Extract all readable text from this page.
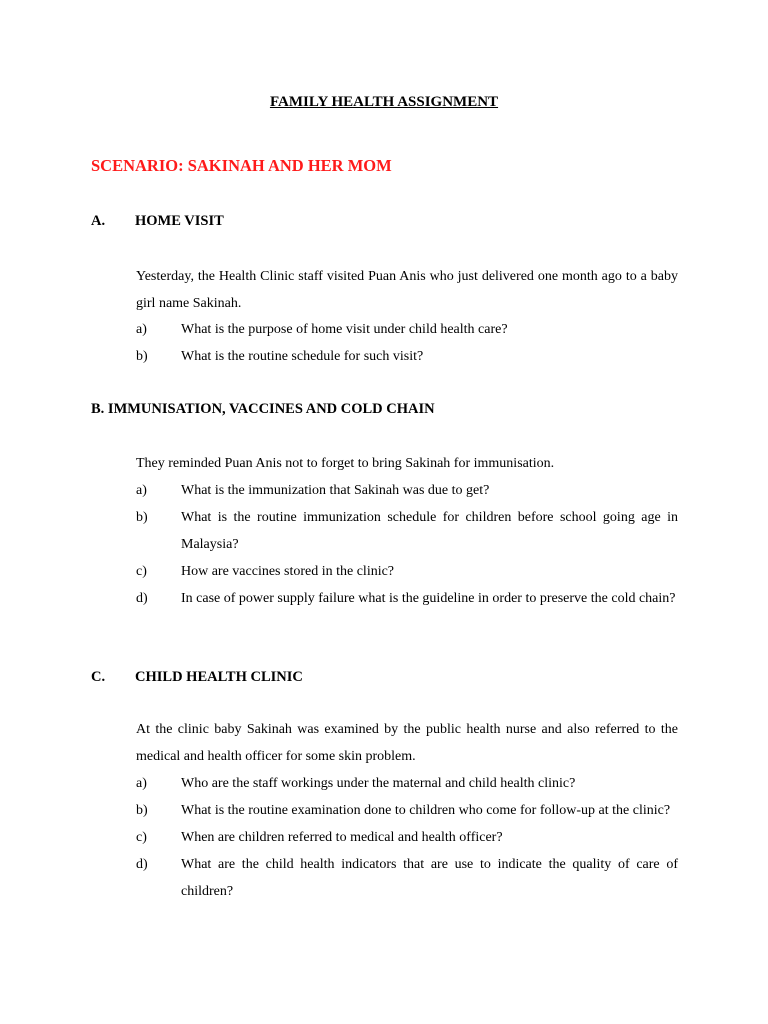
FAMILY HEALTH ASSIGNMENT
SCENARIO: SAKINAH AND HER MOM
A. HOME VISIT
Yesterday, the Health Clinic staff visited Puan Anis who just delivered one month ago to a baby girl name Sakinah.
a) What is the purpose of home visit under child health care?
b) What is the routine schedule for such visit?
B. IMMUNISATION, VACCINES AND COLD CHAIN
They reminded Puan Anis not to forget to bring Sakinah for immunisation.
a) What is the immunization that Sakinah was due to get?
b) What is the routine immunization schedule for children before school going age in Malaysia?
c) How are vaccines stored in the clinic?
d) In case of power supply failure what is the guideline in order to preserve the cold chain?
C. CHILD HEALTH CLINIC
At the clinic baby Sakinah was examined by the public health nurse and also referred to the medical and health officer for some skin problem.
a) Who are the staff workings under the maternal and child health clinic?
b) What is the routine examination done to children who come for follow-up at the clinic?
c) When are children referred to medical and health officer?
d) What are the child health indicators that are use to indicate the quality of care of children?
